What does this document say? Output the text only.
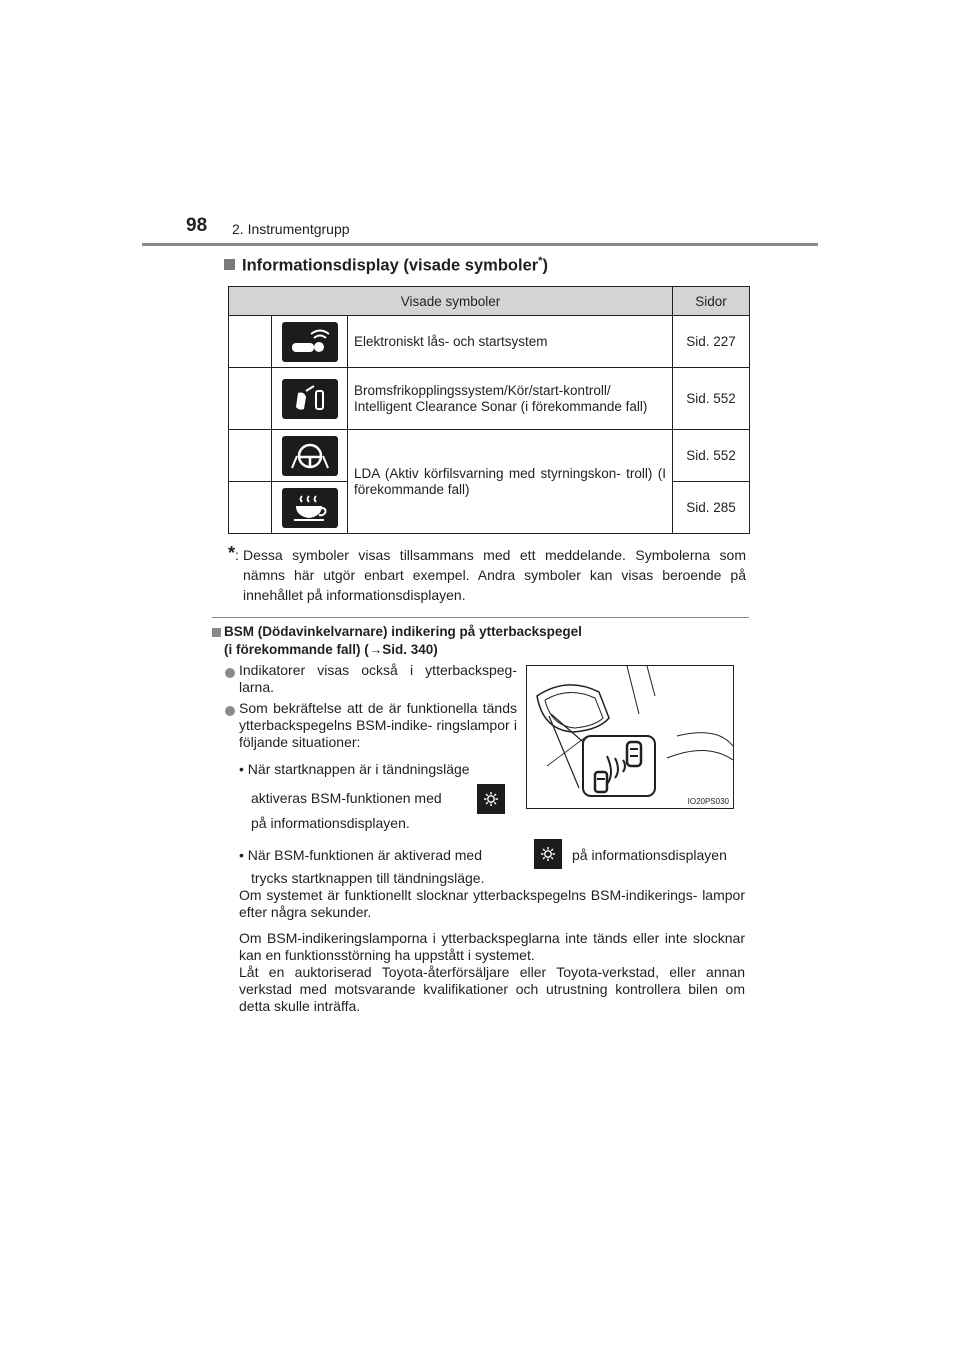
98 2. Instrumentgrupp
Informationsdisplay (visade symboler*)
Visade symboler			Sidor

	Elektroniskt lås- och startsystem	Sid. 227

	Bromsfrikopplingssystem/Kör/start-kontroll/ Intelligent Clearance Sonar (i förekommande fall)	Sid. 552

	LDA (Aktiv körfilsvarning med styrningskon- troll) (I förekommande fall)	Sid. 552

	Sid. 285
* : Dessa symboler visas tillsammans med ett meddelande. Symbolerna som nämns här utgör enbart exempel. Andra symboler kan visas beroende på innehållet på informationsdisplayen.
BSM (Dödavinkelvarnare) indikering på ytterbackspegel
(i förekommande fall) (→Sid. 340)
Indikatorer visas också i ytterbackspeg- larna.
Som bekräftelse att de är funktionella tänds ytterbackspegelns BSM-indike- ringslampor i följande situationer:
• När startknappen är i tändningsläge
aktiveras BSM-funktionen med
på informationsdisplayen.
• När BSM-funktionen är aktiverad med	på informationsdisplayen
trycks startknappen till tändningsläge.
Om systemet är funktionellt slocknar ytterbackspegelns BSM-indikerings- lampor efter några sekunder.
Om BSM-indikeringslamporna i ytterbackspeglarna inte tänds eller inte slocknar kan en funktionsstörning ha uppstått i systemet.
Låt en auktoriserad Toyota-återförsäljare eller Toyota-verkstad, eller annan verkstad med motsvarande kvalifikationer och utrustning kontrollera bilen om detta skulle inträffa.
IO20PS030
